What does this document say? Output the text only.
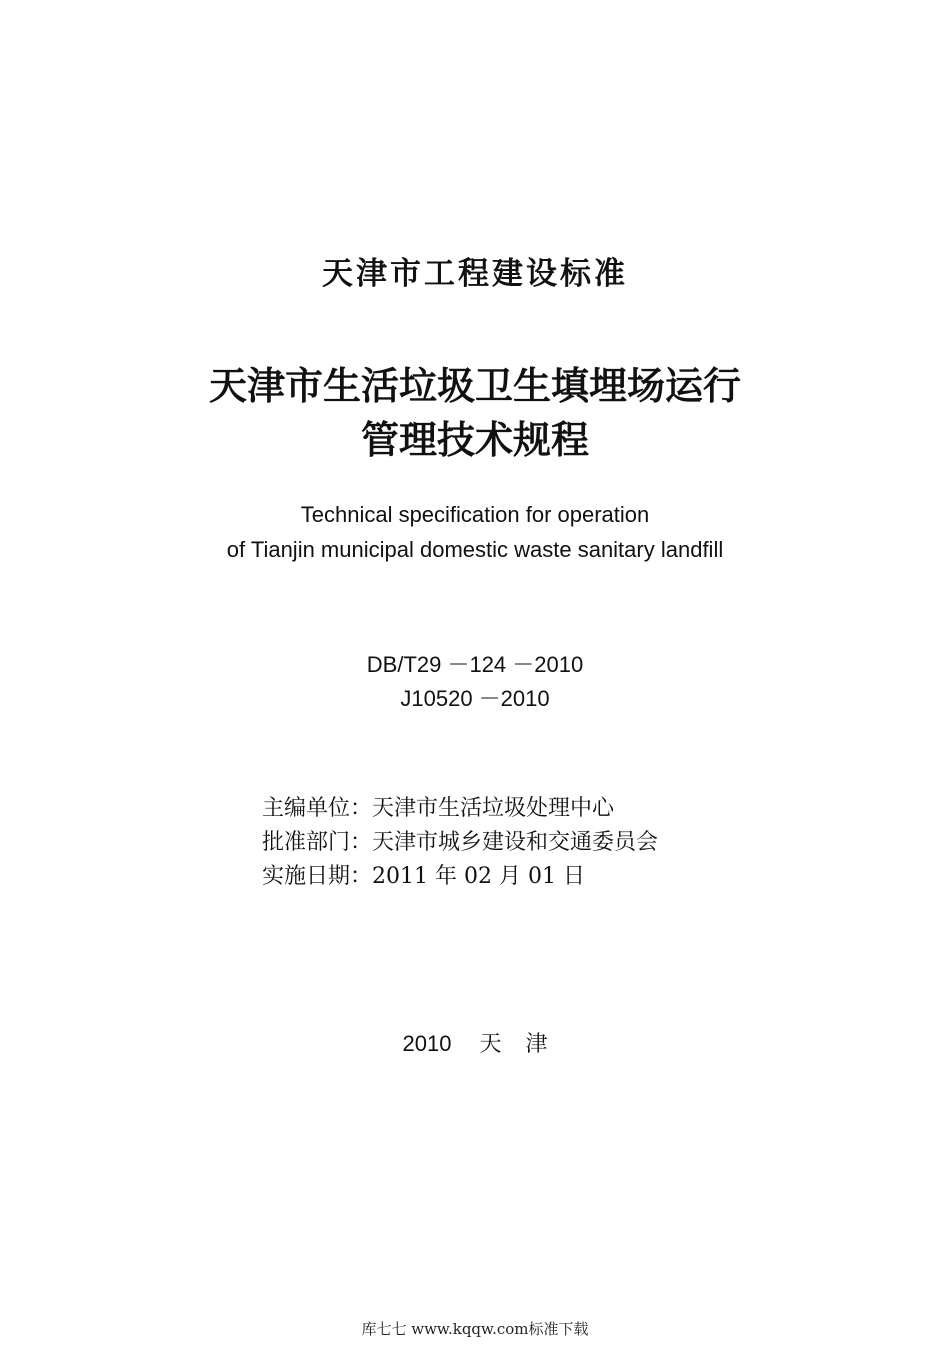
天津市工程建设标准
天津市生活垃圾卫生填埋场运行
管理技术规程
Technical specification for operation
of Tianjin municipal domestic waste sanitary landfill
DB/T29 －124 －2010
J10520 －2010
主编单位：天津市生活垃圾处理中心
批准部门：天津市城乡建设和交通委员会
实施日期：2011 年 02 月 01 日
2010 天 津
库七七 www.kqqw.com标准下载
